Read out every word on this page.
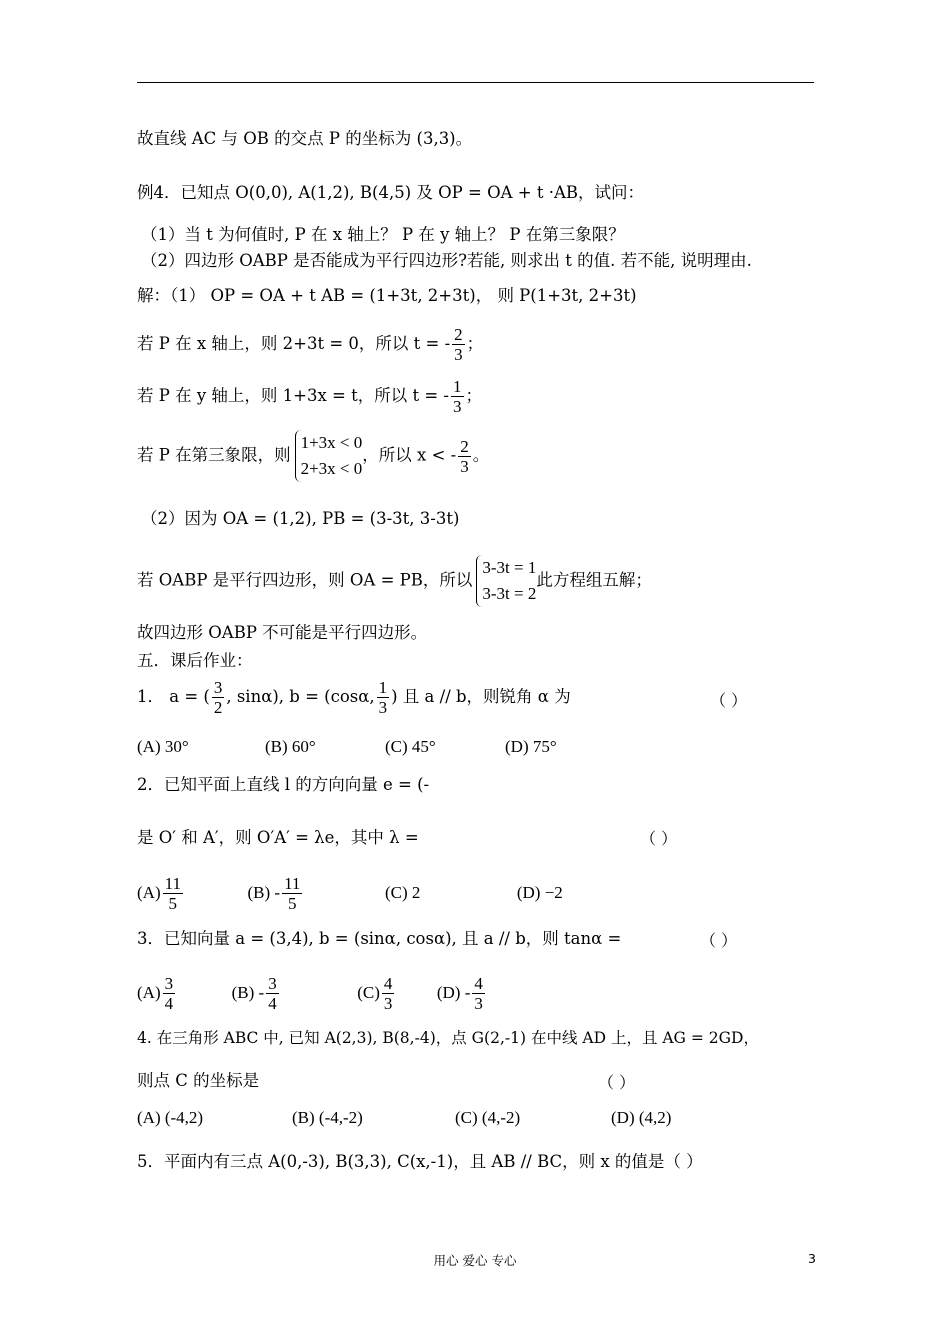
故直线 AC 与 OB 的交点 P 的坐标为 (3,3)。
例4．已知点 O(0,0), A(1,2), B(4,5) 及 OP = OA + t ·AB，试问：
（1）当 t 为何值时, P 在 x 轴上？ P 在 y 轴上？ P 在第三象限？
（2）四边形 OABP 是否能成为平行四边形?若能, 则求出 t 的值. 若不能, 说明理由.
解：（1） OP = OA + t AB = (1+3t, 2+3t)， 则 P(1+3t, 2+3t)
若 P 在 x 轴上，则 2+3t = 0，所以 t = - $\frac{2}{3}$ ；
若 P 在 y 轴上，则 1+3x = t，所以 t = - $\frac{1}{3}$ ；
若 P 在第三象限，则
1+3x < 0
2+3x < 0
，所以 x < - $\frac{2}{3}$ 。
（2）因为 OA = (1,2), PB = (3-3t, 3-3t)
若 OABP 是平行四边形，则 OA = PB，所以
3-3t = 1
3-3t = 2
此方程组五解；
故四边形 OABP 不可能是平行四边形。
五．课后作业：
1． a = ( $\frac{3}{2}$ , sinα), b = (cosα, $\frac{1}{3}$ ) 且 a // b，则锐角 α 为	（ ）
(A) 30°	(B) 60°	(C) 45°	(D) 75°
2．已知平面上直线 l 的方向向量 e = (-
是 O′ 和 A′，则 O′A′ = λe，其中 λ =	（ ）
$(A) \frac{11}{5}$	$(B) - \frac{11}{5}$	(C) 2	(D) −2
3．已知向量 a = (3,4), b = (sinα, cosα), 且 a // b，则 tanα =	（ ）
$(A) \frac{3}{4}$	$(B) - \frac{3}{4}$	$(C) \frac{4}{3}$	$(D) - \frac{4}{3}$
4. 在三角形 ABC 中, 已知 A(2,3), B(8,-4)，点 G(2,-1) 在中线 AD 上，且 AG = 2GD，
则点 C 的坐标是	（ ）
(A) (-4,2)	(B) (-4,-2)	(C) (4,-2)	(D) (4,2)
5．平面内有三点 A(0,-3), B(3,3), C(x,-1)，且 AB // BC，则 x 的值是（ ）
用心 爱心 专心	3
